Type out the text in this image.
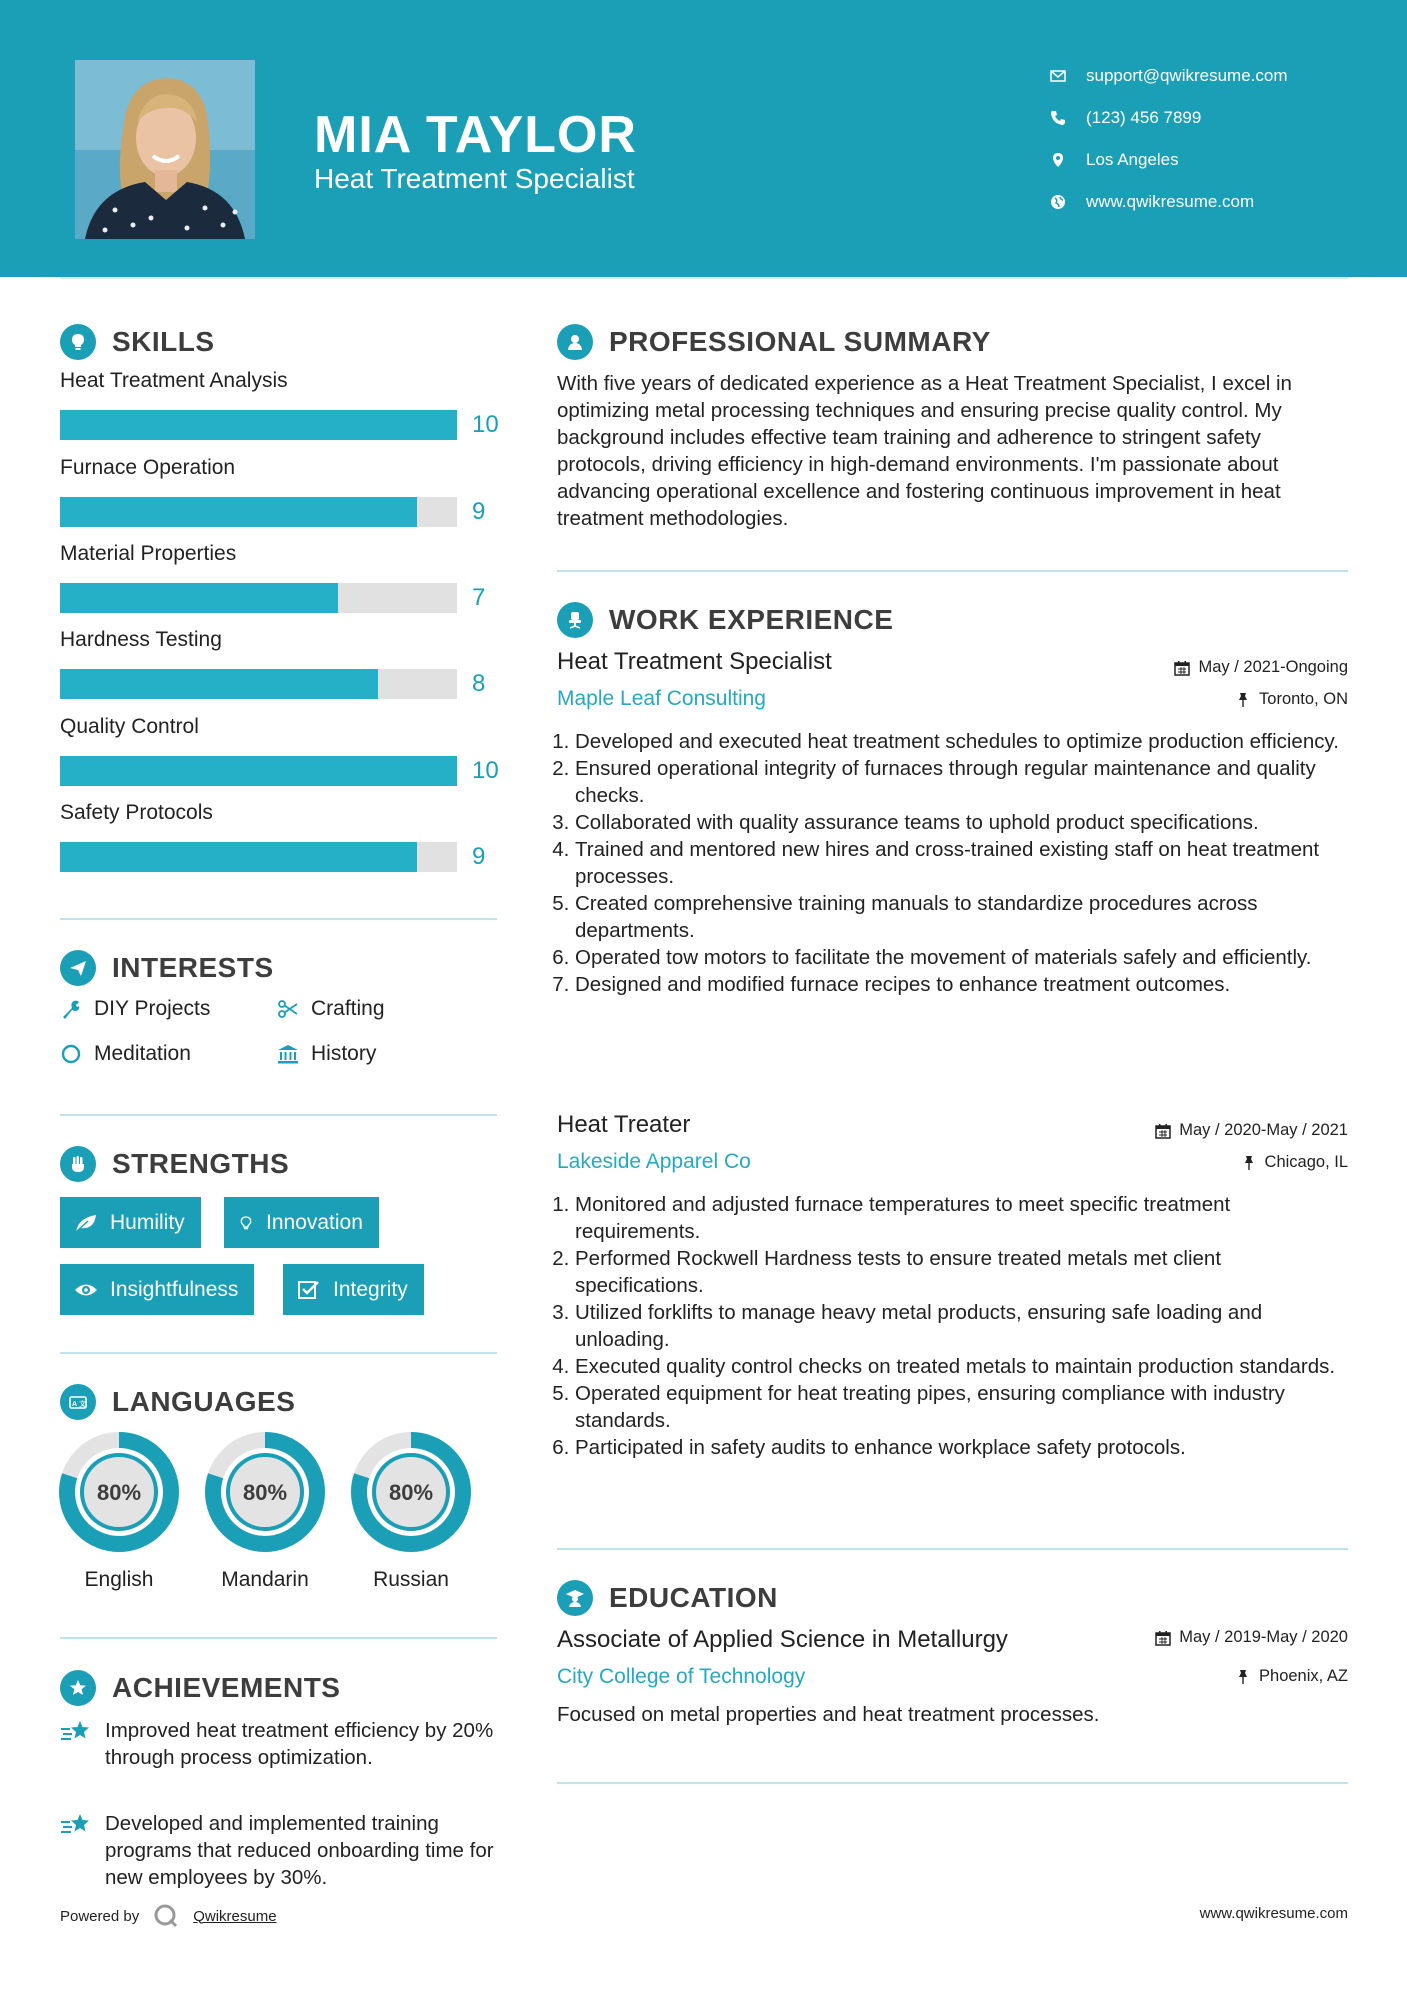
MIA TAYLOR
Heat Treatment Specialist
support@qwikresume.com
(123) 456 7899
Los Angeles
www.qwikresume.com
SKILLS
Heat Treatment Analysis
10
Furnace Operation
9
Material Properties
7
Hardness Testing
8
Quality Control
10
Safety Protocols
9
INTERESTS
DIY Projects	Crafting
Meditation	History
STRENGTHS
Humility	Innovation
Insightfulness	Integrity
A 文 LANGUAGES
80%
English
80%
Mandarin
80%
Russian
ACHIEVEMENTS
Improved heat treatment efficiency by 20% through process optimization.
Developed and implemented training programs that reduced onboarding time for new employees by 30%.
PROFESSIONAL SUMMARY
With five years of dedicated experience as a Heat Treatment Specialist, I excel in optimizing metal processing techniques and ensuring precise quality control. My background includes effective team training and adherence to stringent safety protocols, driving efficiency in high-demand environments. I'm passionate about advancing operational excellence and fostering continuous improvement in heat treatment methodologies.
WORK EXPERIENCE
Heat Treatment Specialist	May / 2021-Ongoing
Maple Leaf Consulting	Toronto, ON
1. Developed and executed heat treatment schedules to optimize production efficiency.
2. Ensured operational integrity of furnaces through regular maintenance and quality checks.
3. Collaborated with quality assurance teams to uphold product specifications.
4. Trained and mentored new hires and cross-trained existing staff on heat treatment processes.
5. Created comprehensive training manuals to standardize procedures across departments.
6. Operated tow motors to facilitate the movement of materials safely and efficiently.
7. Designed and modified furnace recipes to enhance treatment outcomes.
Heat Treater	May / 2020-May / 2021
Lakeside Apparel Co	Chicago, IL
1. Monitored and adjusted furnace temperatures to meet specific treatment requirements.
2. Performed Rockwell Hardness tests to ensure treated metals met client specifications.
3. Utilized forklifts to manage heavy metal products, ensuring safe loading and unloading.
4. Executed quality control checks on treated metals to maintain production standards.
5. Operated equipment for heat treating pipes, ensuring compliance with industry standards.
6. Participated in safety audits to enhance workplace safety protocols.
EDUCATION
Associate of Applied Science in Metallurgy	May / 2019-May / 2020
City College of Technology	Phoenix, AZ
Focused on metal properties and heat treatment processes.
Powered by	Qwikresume	www.qwikresume.com
